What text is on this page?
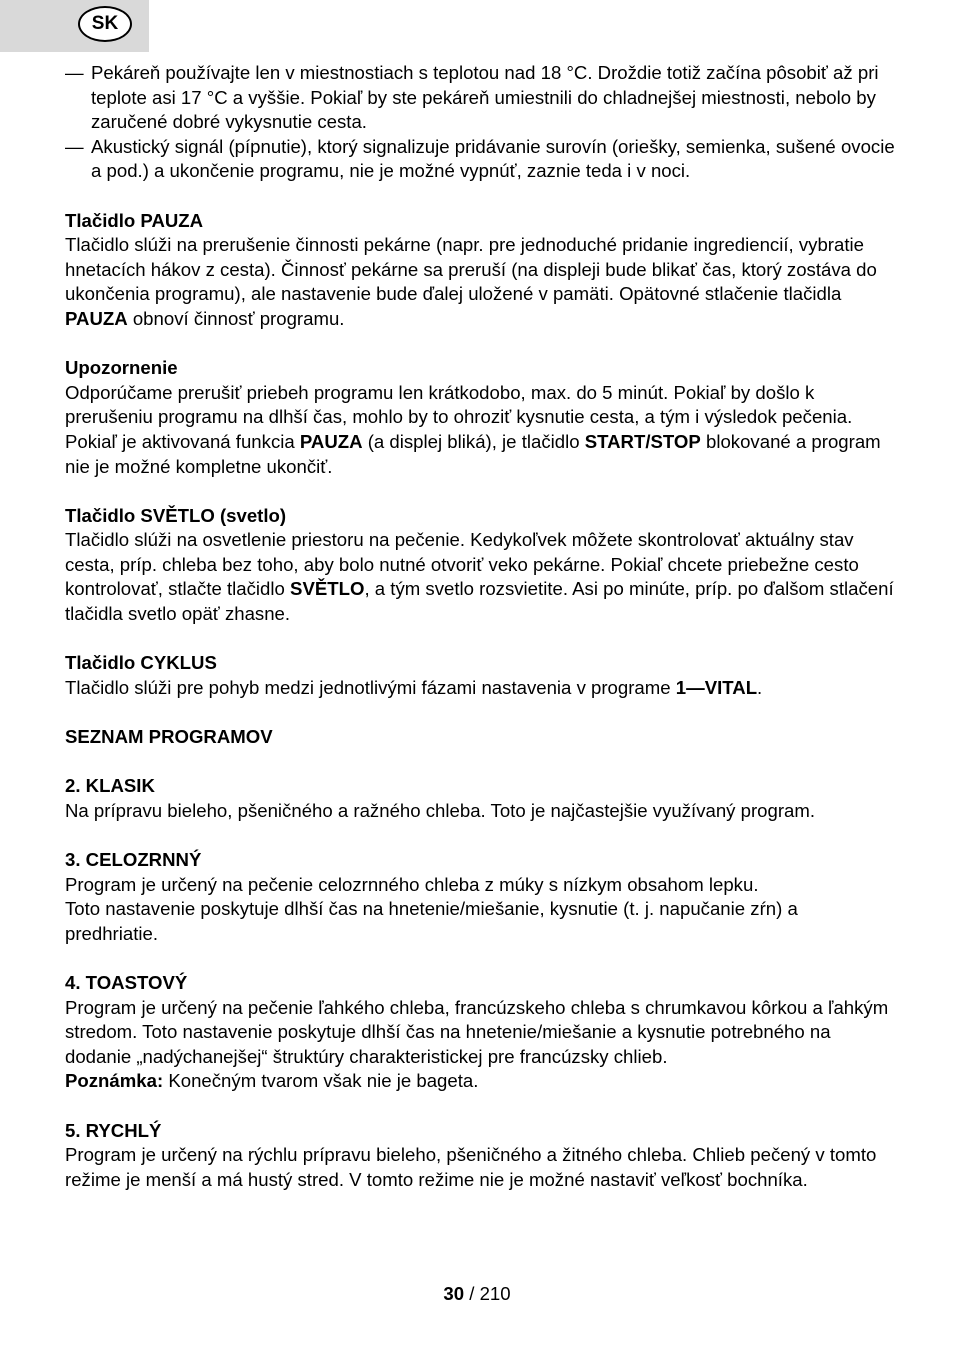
SK

— Pekáreň používajte len v miestnostiach s teplotou nad 18 °C. Droždie totiž začína pôsobiť až pri teplote asi 17 °C a vyššie. Pokiaľ by ste pekáreň umiestnili do chladnejšej miestnosti, nebolo by zaručené dobré vykysnutie cesta.

— Akustický signál (pípnutie), ktorý signalizuje pridávanie surovín (oriešky, semienka, sušené ovocie a pod.) a ukončenie programu, nie je možné vypnúť, zaznie teda i v noci.

Tlačidlo PAUZA

Tlačidlo slúži na prerušenie činnosti pekárne (napr. pre jednoduché pridanie ingrediencií, vybratie hnetacích hákov z cesta). Činnosť pekárne sa preruší (na displeji bude blikať čas, ktorý zostáva do ukončenia programu), ale nastavenie bude ďalej uložené v pamäti. Opätovné stlačenie tlačidla PAUZA obnoví činnosť programu.

Upozornenie

Odporúčame prerušiť priebeh programu len krátkodobo, max. do 5 minút. Pokiaľ by došlo k prerušeniu programu na dlhší čas, mohlo by to ohroziť kysnutie cesta, a tým i výsledok pečenia. Pokiaľ je aktivovaná funkcia PAUZA (a displej bliká), je tlačidlo START/STOP blokované a program nie je možné kompletne ukončiť.

Tlačidlo SVĚTLO (svetlo)

Tlačidlo slúži na osvetlenie priestoru na pečenie. Kedykoľvek môžete skontrolovať aktuálny stav cesta, príp. chleba bez toho, aby bolo nutné otvoriť veko pekárne. Pokiaľ chcete priebežne cesto kontrolovať, stlačte tlačidlo SVĚTLO, a tým svetlo rozsvietite. Asi po minúte, príp. po ďalšom stlačení tlačidla svetlo opäť zhasne.

Tlačidlo CYKLUS

Tlačidlo slúži pre pohyb medzi jednotlivými fázami nastavenia v programe 1—VITAL.

SEZNAM PROGRAMOV

2. KLASIK

Na prípravu bieleho, pšeničného a ražného chleba. Toto je najčastejšie využívaný program.

3. CELOZRNNÝ

Program je určený na pečenie celozrnného chleba z múky s nízkym obsahom lepku.

Toto nastavenie poskytuje dlhší čas na hnetenie/miešanie, kysnutie (t. j. napučanie zŕn) a predhriatie.

4. TOASTOVÝ

Program je určený na pečenie ľahkého chleba, francúzskeho chleba s chrumkavou kôrkou a ľahkým stredom. Toto nastavenie poskytuje dlhší čas na hnetenie/miešanie a kysnutie potrebného na dodanie „nadýchanejšej“ štruktúry charakteristickej pre francúzsky chlieb.

Poznámka: Konečným tvarom však nie je bageta.

5. RYCHLÝ

Program je určený na rýchlu prípravu bieleho, pšeničného a žitného chleba. Chlieb pečený v tomto režime je menší a má hustý stred. V tomto režime nie je možné nastaviť veľkosť bochníka.

30 / 210
